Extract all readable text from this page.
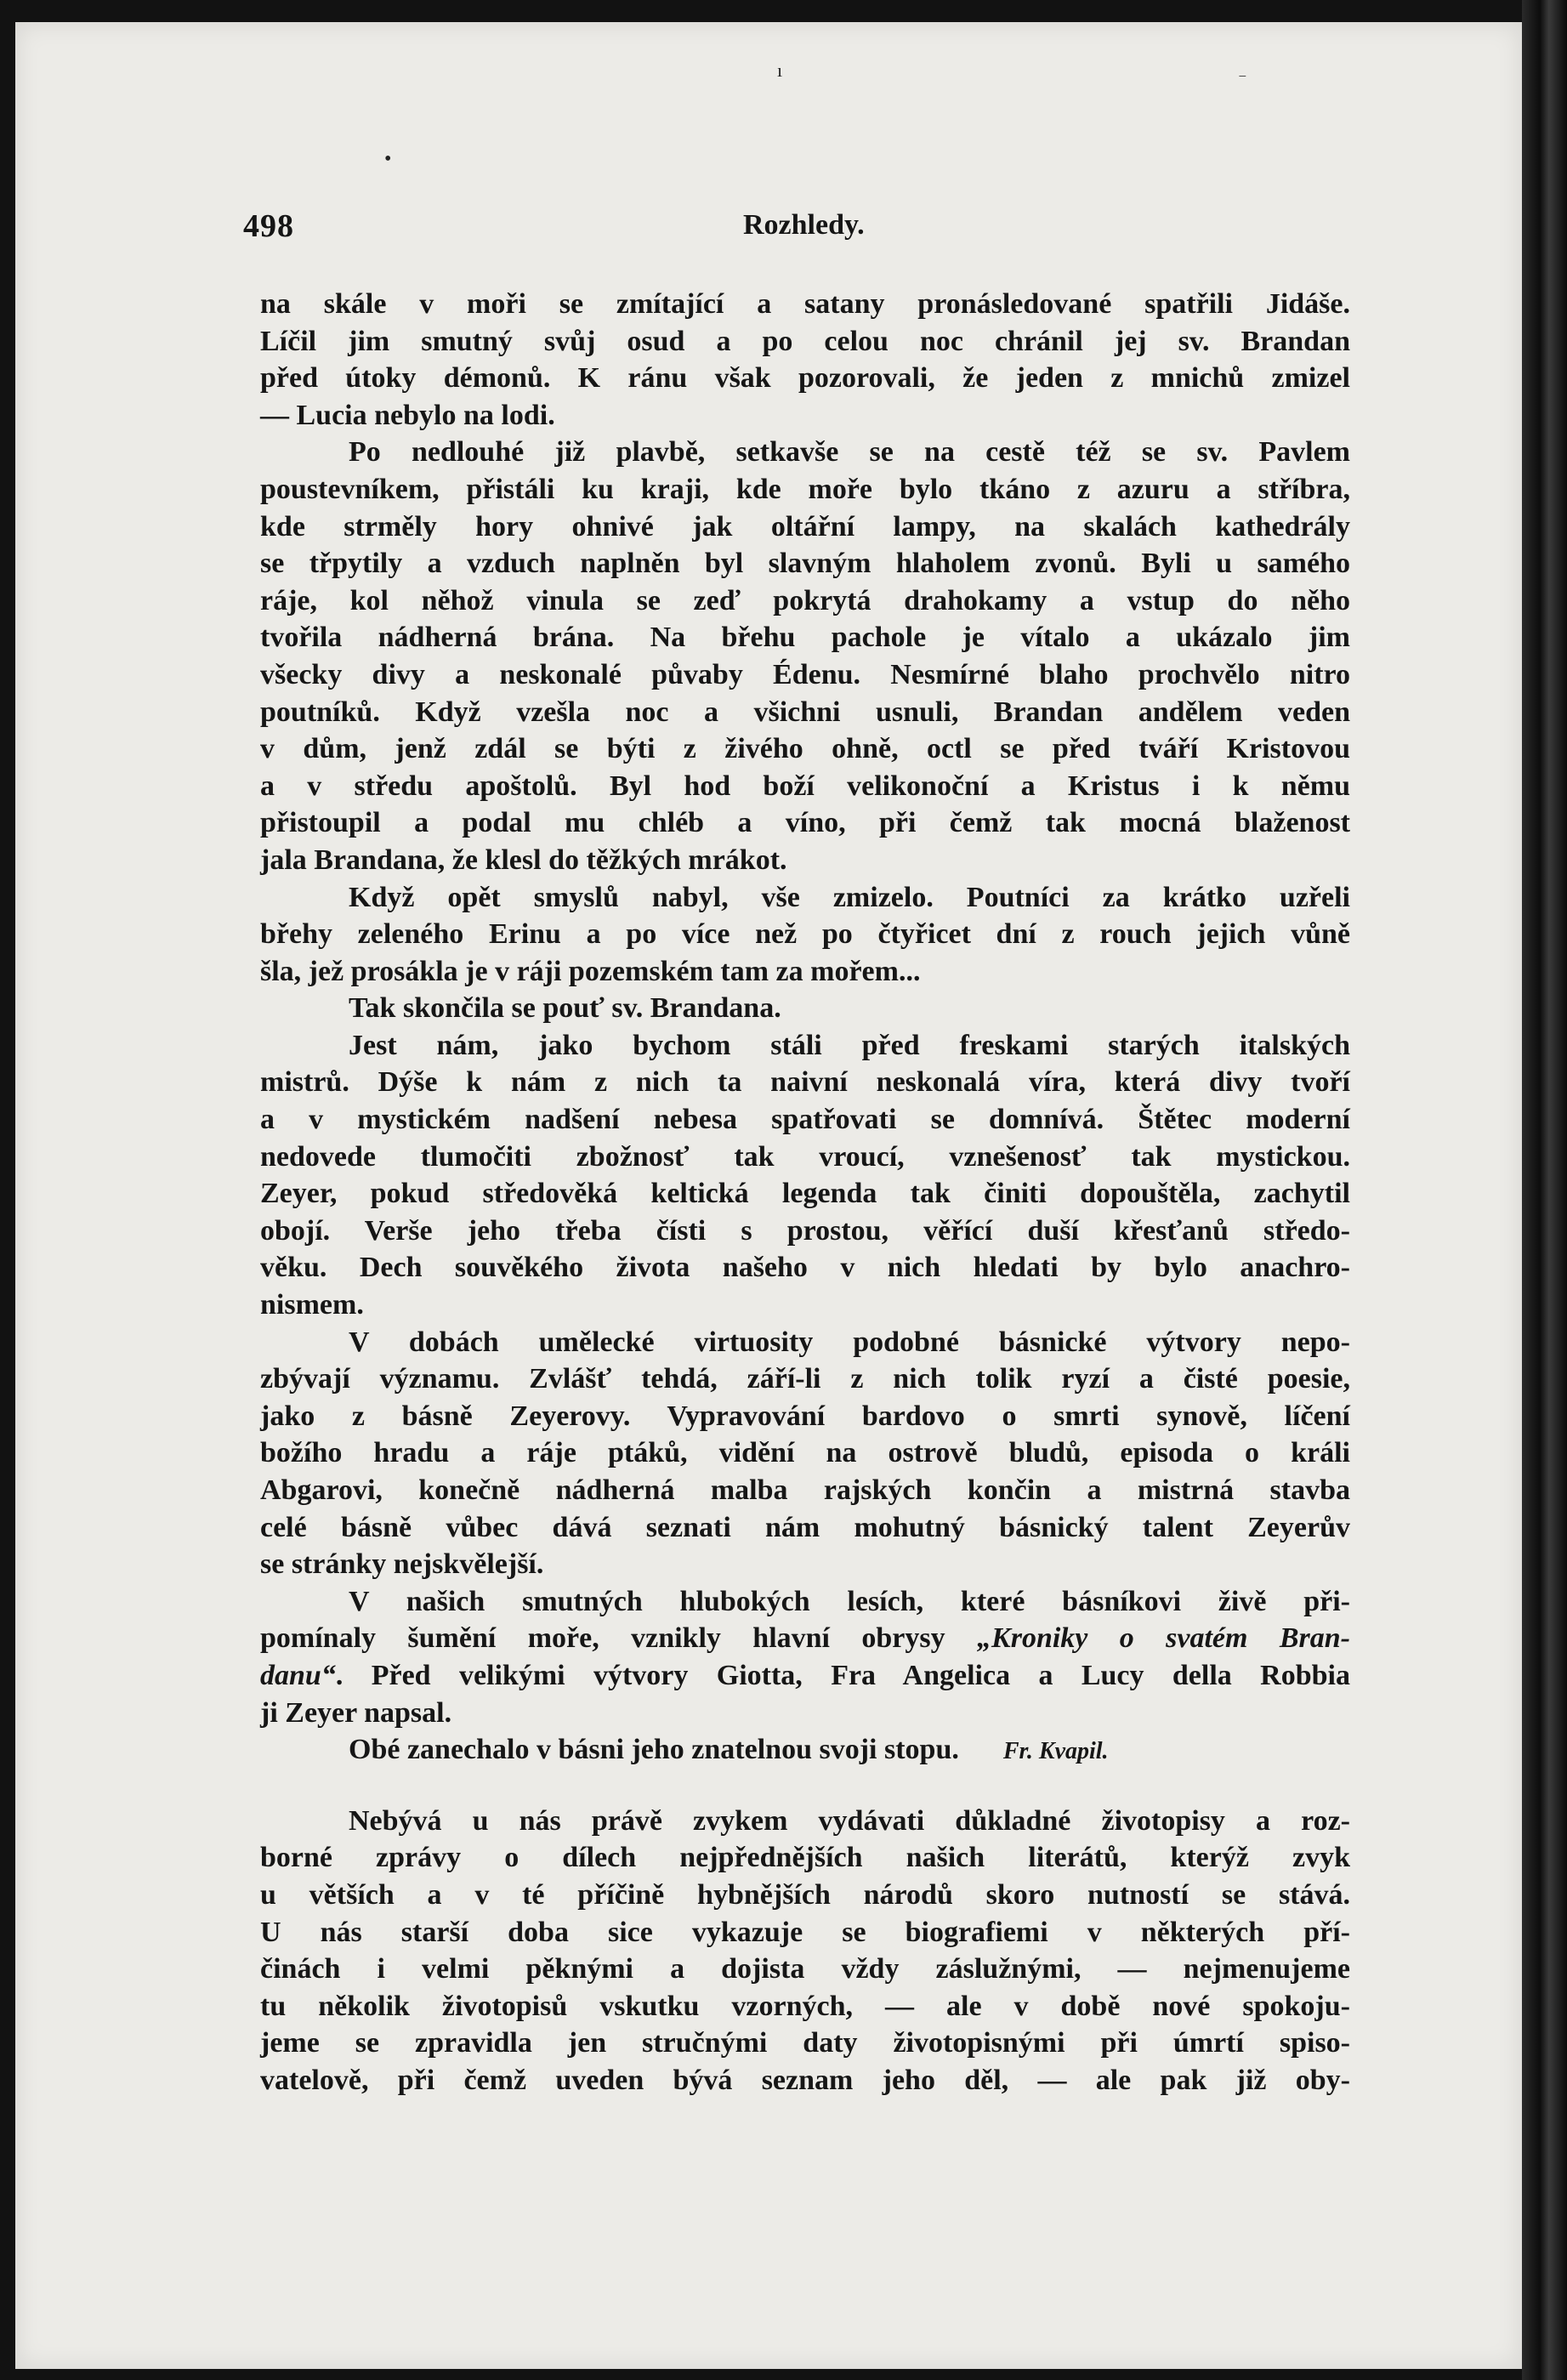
ı
‾
•
498	Rozhledy.
na skále v moři se zmítající a satany pronásledované spatřili Jidáše.
Líčil jim smutný svůj osud a po celou noc chránil jej sv. Brandan
před útoky démonů. K ránu však pozorovali, že jeden z mnichů zmizel
— Lucia nebylo na lodi.
Po nedlouhé již plavbě, setkavše se na cestě též se sv. Pavlem
poustevníkem, přistáli ku kraji, kde moře bylo tkáno z azuru a stříbra,
kde strměly hory ohnivé jak oltářní lampy, na skalách kathedrály
se třpytily a vzduch naplněn byl slavným hlaholem zvonů. Byli u samého
ráje, kol něhož vinula se zeď pokrytá drahokamy a vstup do něho
tvořila nádherná brána. Na břehu pachole je vítalo a ukázalo jim
všecky divy a neskonalé půvaby Édenu. Nesmírné blaho prochvělo nitro
poutníků. Když vzešla noc a všichni usnuli, Brandan andělem veden
v dům, jenž zdál se býti z živého ohně, octl se před tváří Kristovou
a v středu apoštolů. Byl hod boží velikonoční a Kristus i k němu
přistoupil a podal mu chléb a víno, při čemž tak mocná blaženost
jala Brandana, že klesl do těžkých mrákot.
Když opět smyslů nabyl, vše zmizelo. Poutníci za krátko uzřeli
břehy zeleného Erinu a po více než po čtyřicet dní z rouch jejich vůně
šla, jež prosákla je v ráji pozemském tam za mořem...
Tak skončila se pouť sv. Brandana.
Jest nám, jako bychom stáli před freskami starých italských
mistrů. Dýše k nám z nich ta naivní neskonalá víra, která divy tvoří
a v mystickém nadšení nebesa spatřovati se domnívá. Štětec moderní
nedovede tlumočiti zbožnosť tak vroucí, vznešenosť tak mystickou.
Zeyer, pokud středověká keltická legenda tak činiti dopouštěla, zachytil
obojí. Verše jeho třeba čísti s prostou, věřící duší křesťanů středo-
věku. Dech souvěkého života našeho v nich hledati by bylo anachro-
nismem.
V dobách umělecké virtuosity podobné básnické výtvory nepo-
zbývají významu. Zvlášť tehdá, září-li z nich tolik ryzí a čisté poesie,
jako z básně Zeyerovy. Vypravování bardovo o smrti synově, líčení
božího hradu a ráje ptáků, vidění na ostrově bludů, episoda o králi
Abgarovi, konečně nádherná malba rajských končin a mistrná stavba
celé básně vůbec dává seznati nám mohutný básnický talent Zeyerův
se stránky nejskvělejší.
V našich smutných hlubokých lesích, které básníkovi živě při-
pomínaly šumění moře, vznikly hlavní obrysy „Kroniky o svatém Bran-
danu“. Před velikými výtvory Giotta, Fra Angelica a Lucy della Robbia
ji Zeyer napsal.
Obé zanechalo v básni jeho znatelnou svoji stopu. Fr. Kvapil.
Nebývá u nás právě zvykem vydávati důkladné životopisy a roz-
borné zprávy o dílech nejpřednějších našich literátů, kterýž zvyk
u větších a v té příčině hybnějších národů skoro nutností se stává.
U nás starší doba sice vykazuje se biografiemi v některých pří-
činách i velmi pěknými a dojista vždy záslužnými, — nejmenujeme
tu několik životopisů vskutku vzorných, — ale v době nové spokoju-
jeme se zpravidla jen stručnými daty životopisnými při úmrtí spiso-
vatelově, při čemž uveden bývá seznam jeho děl, — ale pak již oby-
